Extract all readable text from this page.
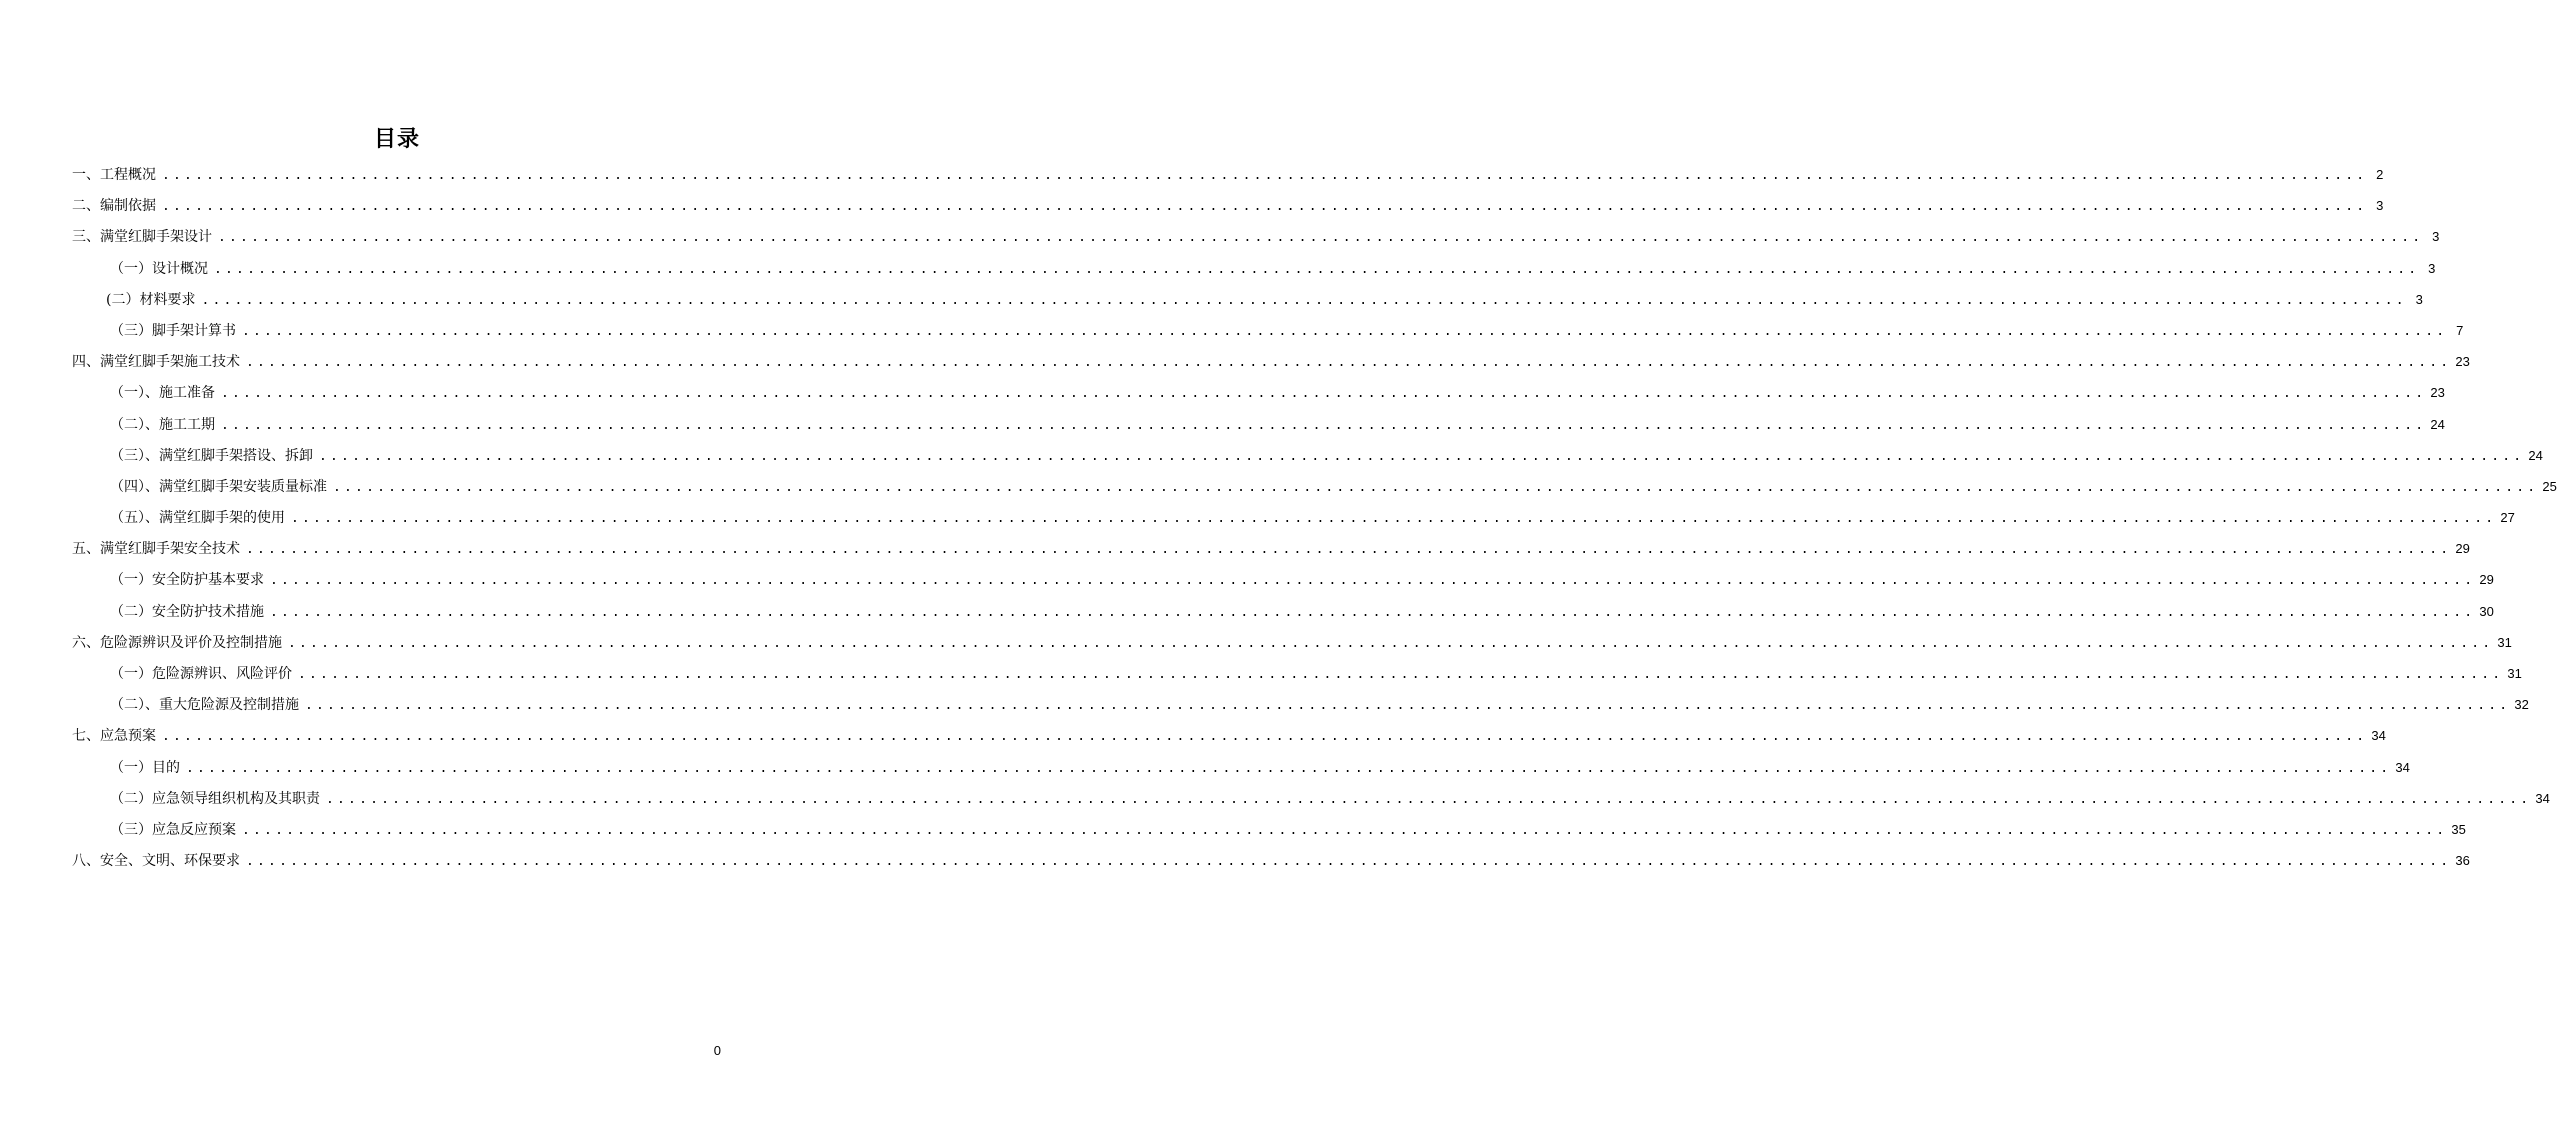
目录
一、工程概况 ........................................................................................................................................................................................................ 2
二、编制依据 ........................................................................................................................................................................................................ 3
三、满堂红脚手架设计 ........................................................................................................................................................................................................ 3
（一）设计概况 ........................................................................................................................................................................................................ 3
(二）材料要求 ........................................................................................................................................................................................................ 3
（三）脚手架计算书 ........................................................................................................................................................................................................ 7
四、满堂红脚手架施工技术 ........................................................................................................................................................................................................ 23
（一）、施工准备 ........................................................................................................................................................................................................ 23
（二）、施工工期 ........................................................................................................................................................................................................ 24
（三）、满堂红脚手架搭设、拆卸 ........................................................................................................................................................................................................ 24
（四）、满堂红脚手架安装质量标准 ........................................................................................................................................................................................................ 25
（五）、满堂红脚手架的使用 ........................................................................................................................................................................................................ 27
五、满堂红脚手架安全技术 ........................................................................................................................................................................................................ 29
（一）安全防护基本要求 ........................................................................................................................................................................................................ 29
（二）安全防护技术措施 ........................................................................................................................................................................................................ 30
六、危险源辨识及评价及控制措施 ........................................................................................................................................................................................................ 31
（一）危险源辨识、风险评价 ........................................................................................................................................................................................................ 31
（二）、重大危险源及控制措施 ........................................................................................................................................................................................................ 32
七、应急预案 ........................................................................................................................................................................................................ 34
（一）目的 ........................................................................................................................................................................................................ 34
（二）应急领导组织机构及其职责 ........................................................................................................................................................................................................ 34
（三）应急反应预案 ........................................................................................................................................................................................................ 35
八、安全、文明、环保要求 ........................................................................................................................................................................................................ 36
0
